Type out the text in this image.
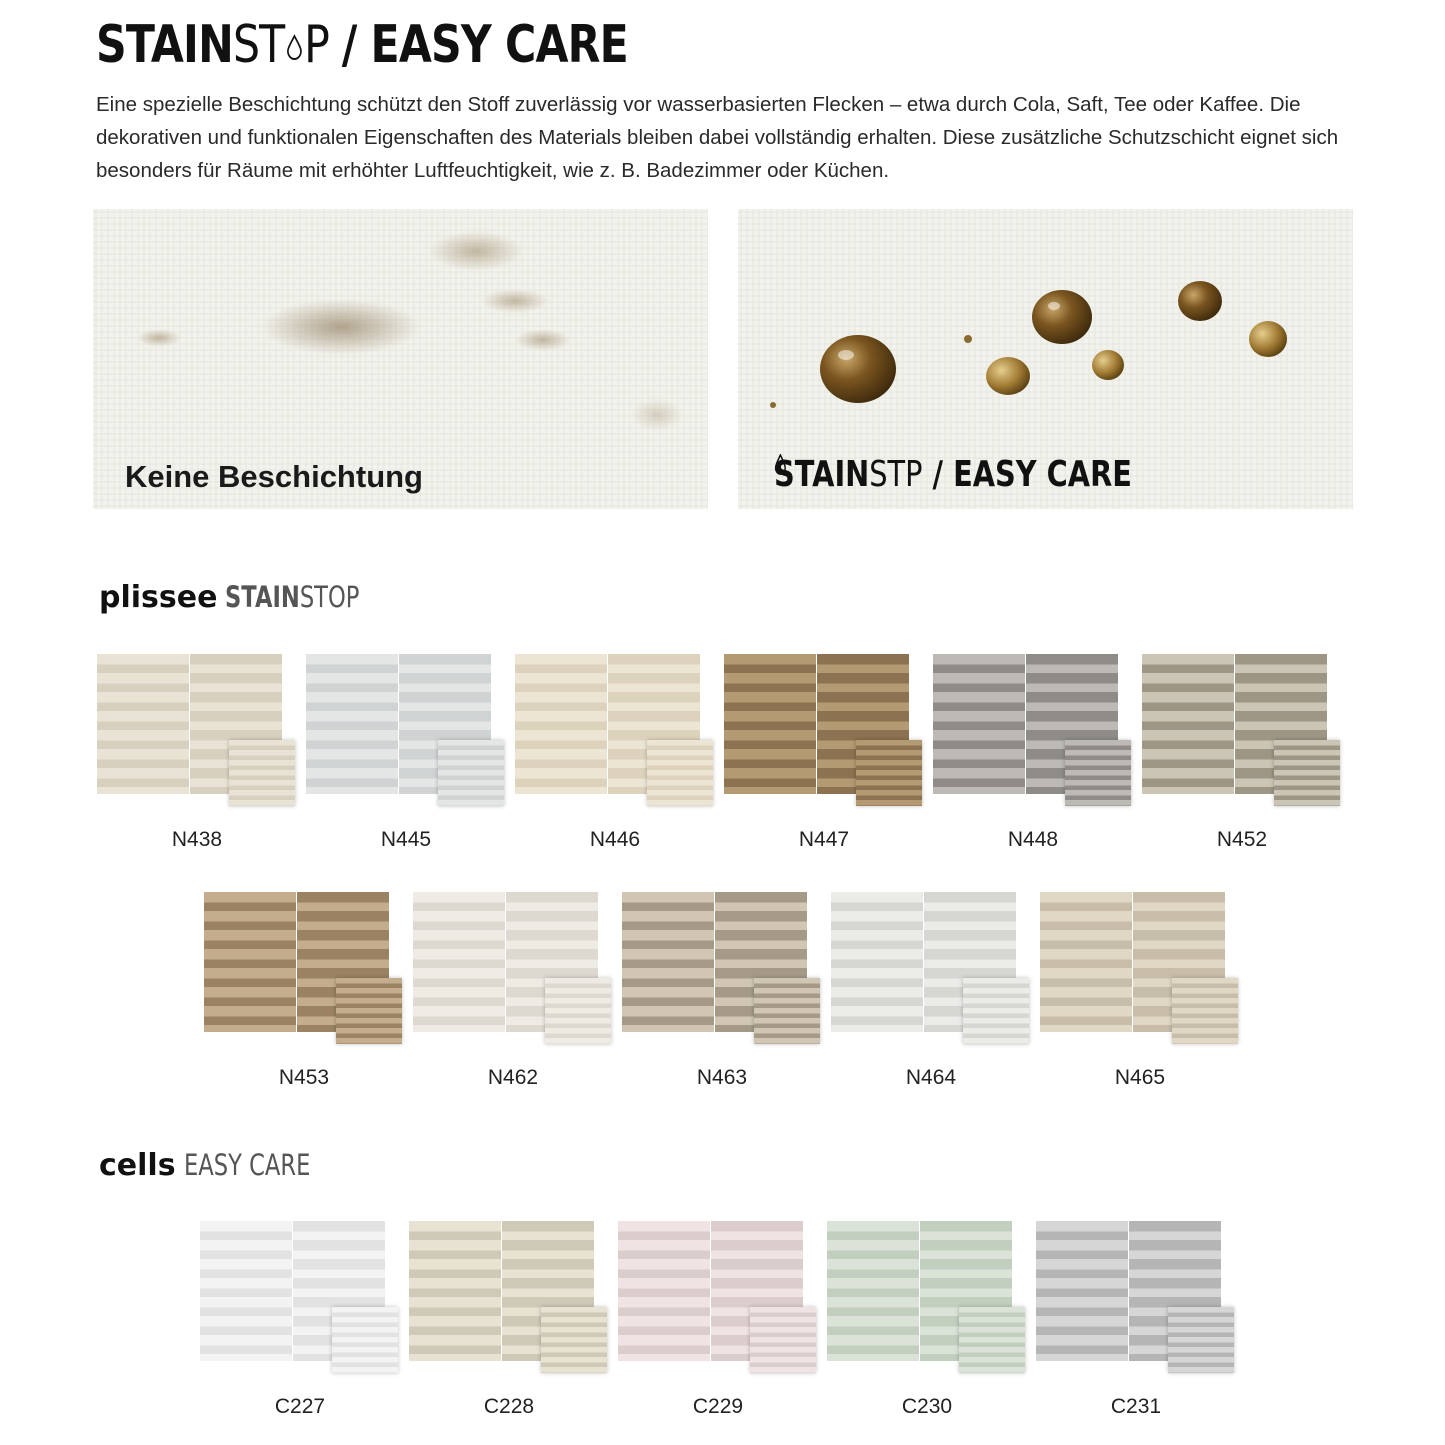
STAINST P / EASY CARE
Eine spezielle Beschichtung schützt den Stoff zuverlässig vor wasserbasierten Flecken – etwa durch Cola, Saft, Tee oder Kaffee. Die dekorativen und funktionalen Eigenschaften des Materials bleiben dabei vollständig erhalten. Diese zusätzliche Schutzschicht eignet sich besonders für Räume mit erhöhter Luftfeuchtigkeit, wie z. B. Badezimmer oder Küchen.
Keine Beschichtung	STAINST
P / EASY CARE
plissee STAINSTOP
N438	N445	N446	N447	N448	N452
N453	N462	N463	N464	N465
cells EASY CARE
C227	C228	C229	C230	C231
